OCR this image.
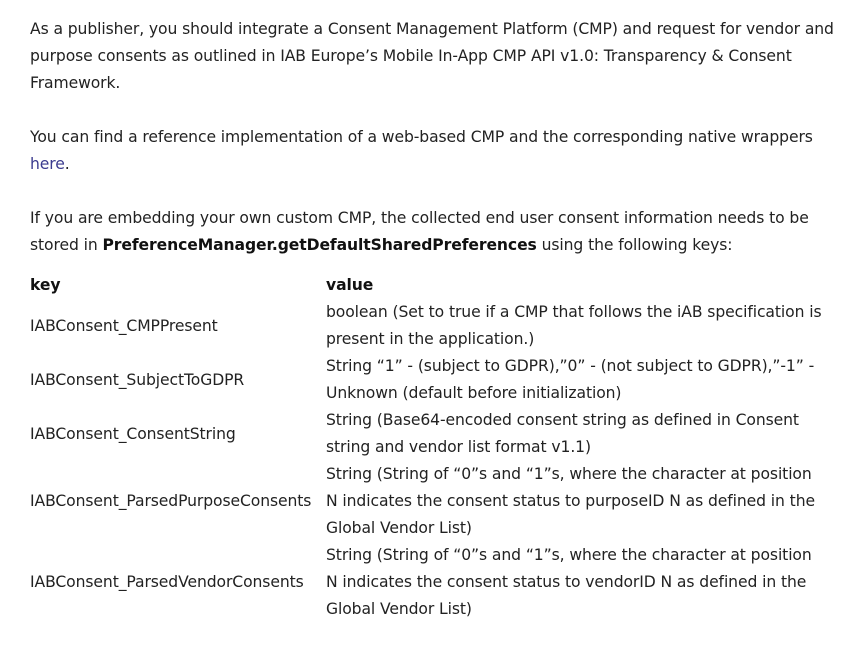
As a publisher, you should integrate a Consent Management Platform (CMP) and request for vendor and purpose consents as outlined in IAB Europe’s Mobile In-App CMP API v1.0: Transparency & Consent Framework.

You can find a reference implementation of a web-based CMP and the corresponding native wrappers here.

If you are embedding your own custom CMP, the collected end user consent information needs to be stored in PreferenceManager.getDefaultSharedPreferences using the following keys:

key	value
IABConsent_CMPPresent	boolean (Set to true if a CMP that follows the iAB specification is present in the application.)
IABConsent_SubjectToGDPR	String “1” - (subject to GDPR),”0” - (not subject to GDPR),”-1” - Unknown (default before initialization)
IABConsent_ConsentString	String (Base64-encoded consent string as defined in Consent string and vendor list format v1.1)
IABConsent_ParsedPurposeConsents	String (String of “0”s and “1”s, where the character at position N indicates the consent status to purposeID N as defined in the Global Vendor List)
IABConsent_ParsedVendorConsents	String (String of “0”s and “1”s, where the character at position N indicates the consent status to vendorID N as defined in the Global Vendor List)
